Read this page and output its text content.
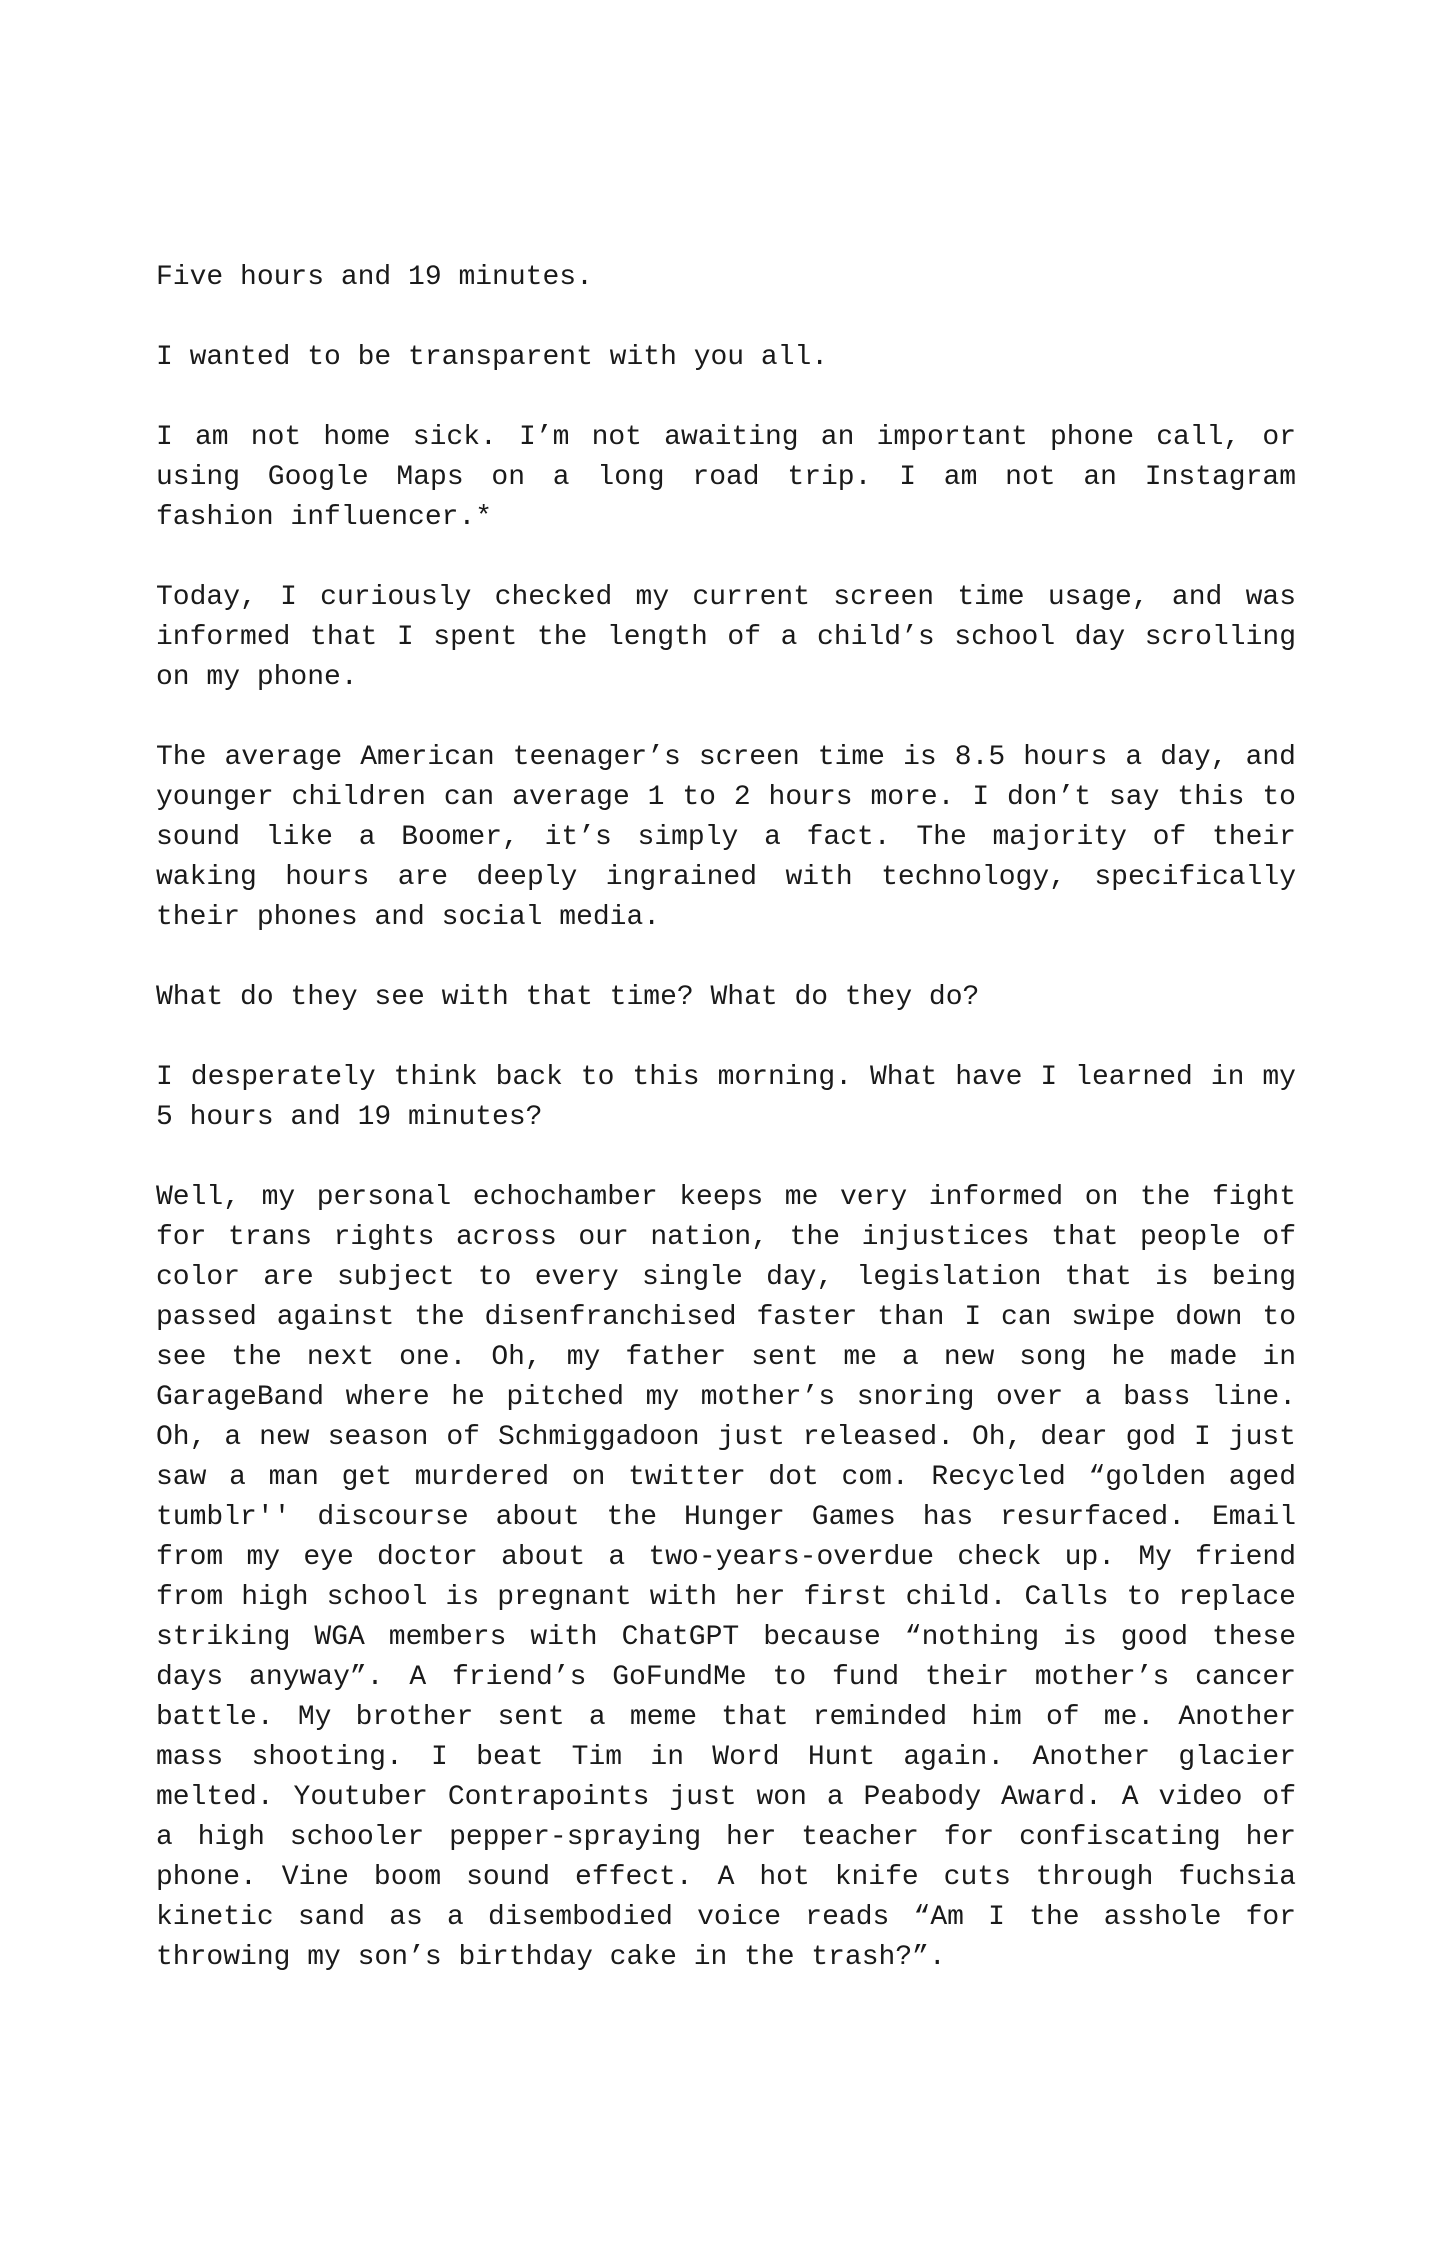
Five hours and 19 minutes.

I wanted to be transparent with you all.

I am not home sick. I’m not awaiting an important phone call, or using Google Maps on a long road trip. I am not an Instagram fashion influencer.*

Today, I curiously checked my current screen time usage, and was informed that I spent the length of a child’s school day scrolling on my phone.

The average American teenager’s screen time is 8.5 hours a day, and younger children can average 1 to 2 hours more. I don’t say this to sound like a Boomer, it’s simply a fact. The majority of their waking hours are deeply ingrained with technology, specifically their phones and social media.

What do they see with that time? What do they do?

I desperately think back to this morning. What have I learned in my 5 hours and 19 minutes?

Well, my personal echochamber keeps me very informed on the fight for trans rights across our nation, the injustices that people of color are subject to every single day, legislation that is being passed against the disenfranchised faster than I can swipe down to see the next one. Oh, my father sent me a new song he made in GarageBand where he pitched my mother’s snoring over a bass line. Oh, a new season of Schmiggadoon just released. Oh, dear god I just saw a man get murdered on twitter dot com. Recycled “golden aged tumblr'' discourse about the Hunger Games has resurfaced. Email from my eye doctor about a two-years-overdue check up. My friend from high school is pregnant with her first child. Calls to replace striking WGA members with ChatGPT because “nothing is good these days anyway”. A friend’s GoFundMe to fund their mother’s cancer battle. My brother sent a meme that reminded him of me. Another mass shooting. I beat Tim in Word Hunt again. Another glacier melted. Youtuber Contrapoints just won a Peabody Award. A video of a high schooler pepper-spraying her teacher for confiscating her phone. Vine boom sound effect. A hot knife cuts through fuchsia kinetic sand as a disembodied voice reads “Am I the asshole for throwing my son’s birthday cake in the trash?”.
